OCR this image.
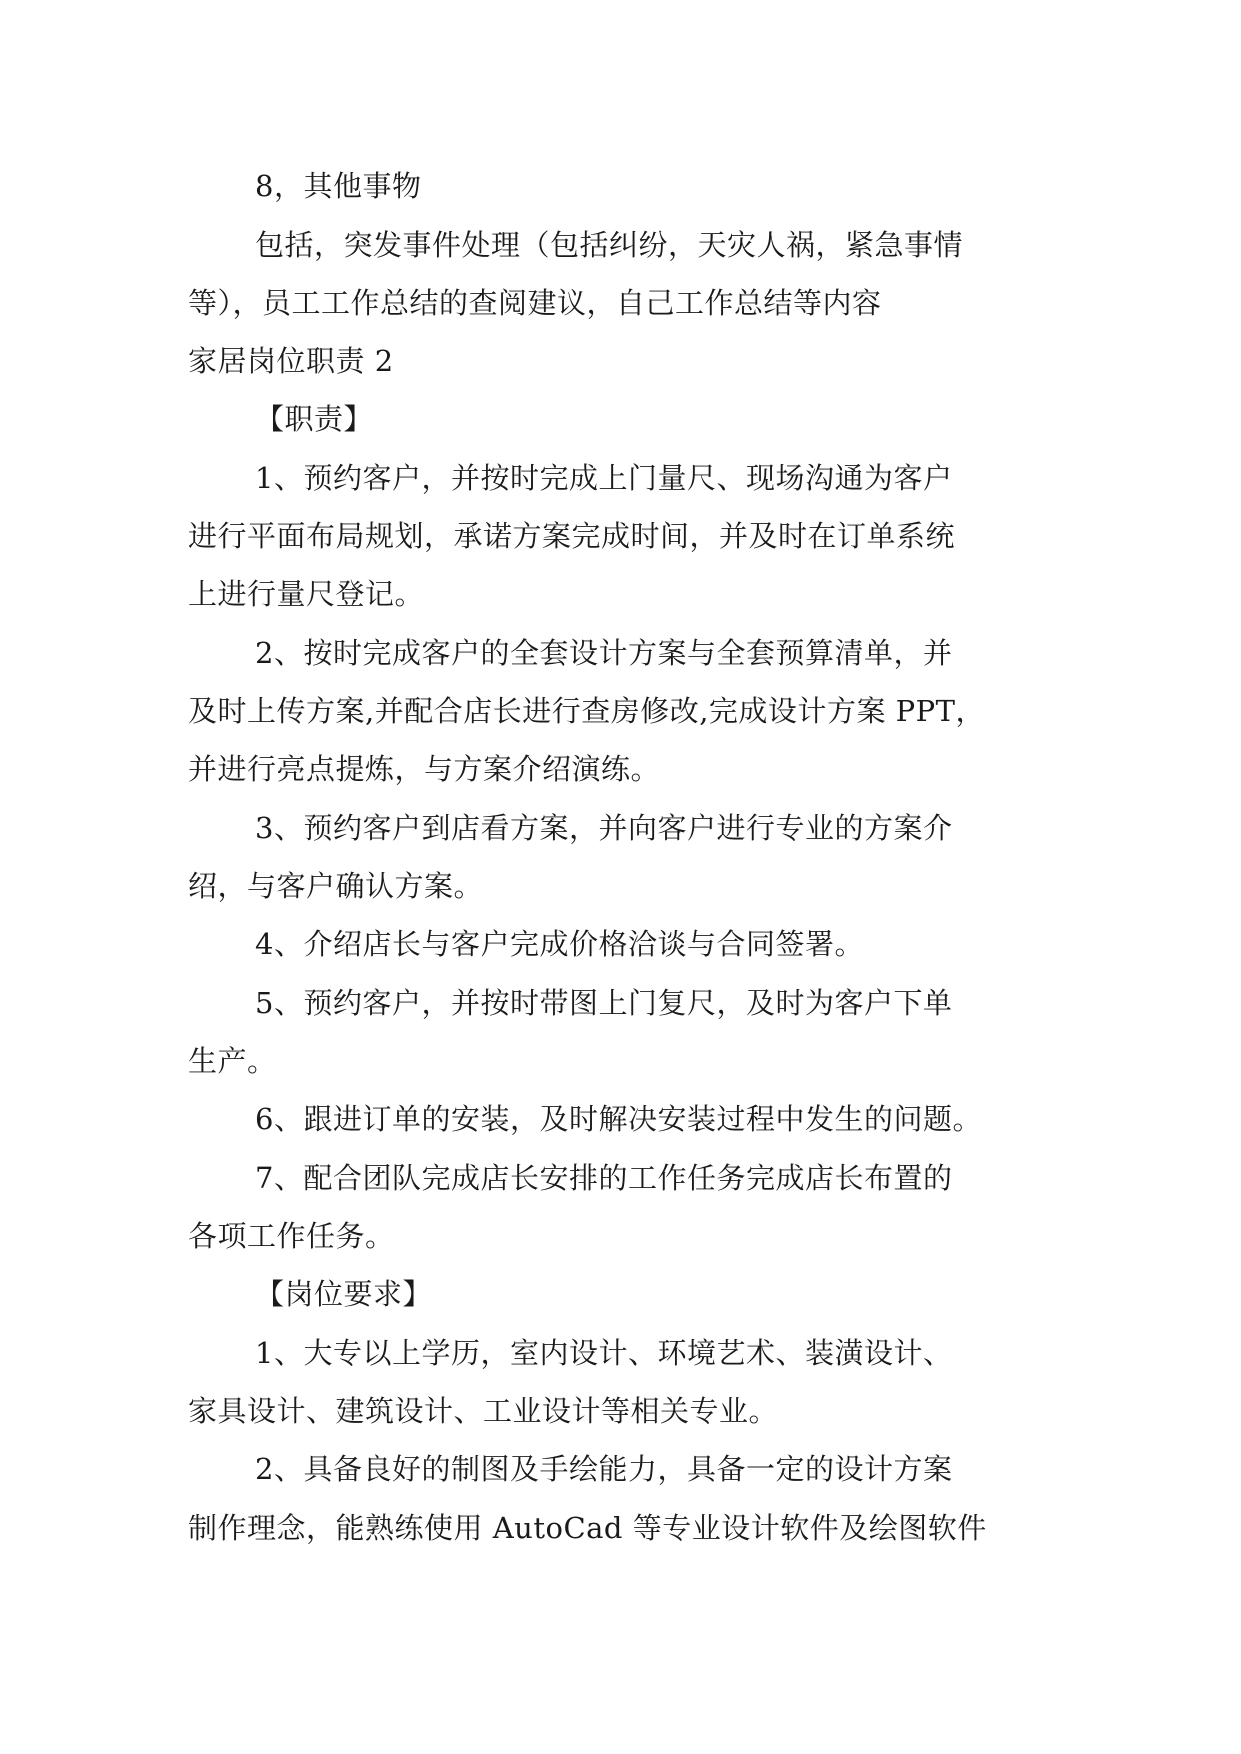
8，其他事物
包括，突发事件处理（包括纠纷，天灾人祸，紧急事情
等），员工工作总结的查阅建议，自己工作总结等内容
家居岗位职责 2
【职责】
1、预约客户，并按时完成上门量尺、现场沟通为客户
进行平面布局规划，承诺方案完成时间，并及时在订单系统
上进行量尺登记。
2、按时完成客户的全套设计方案与全套预算清单，并
及时上传方案,并配合店长进行查房修改,完成设计方案 PPT，
并进行亮点提炼，与方案介绍演练。
3、预约客户到店看方案，并向客户进行专业的方案介
绍，与客户确认方案。
4、介绍店长与客户完成价格洽谈与合同签署。
5、预约客户，并按时带图上门复尺，及时为客户下单
生产。
6、跟进订单的安装，及时解决安装过程中发生的问题。
7、配合团队完成店长安排的工作任务完成店长布置的
各项工作任务。
【岗位要求】
1、大专以上学历，室内设计、环境艺术、装潢设计、
家具设计、建筑设计、工业设计等相关专业。
2、具备良好的制图及手绘能力，具备一定的设计方案
制作理念，能熟练使用 AutoCad 等专业设计软件及绘图软件
